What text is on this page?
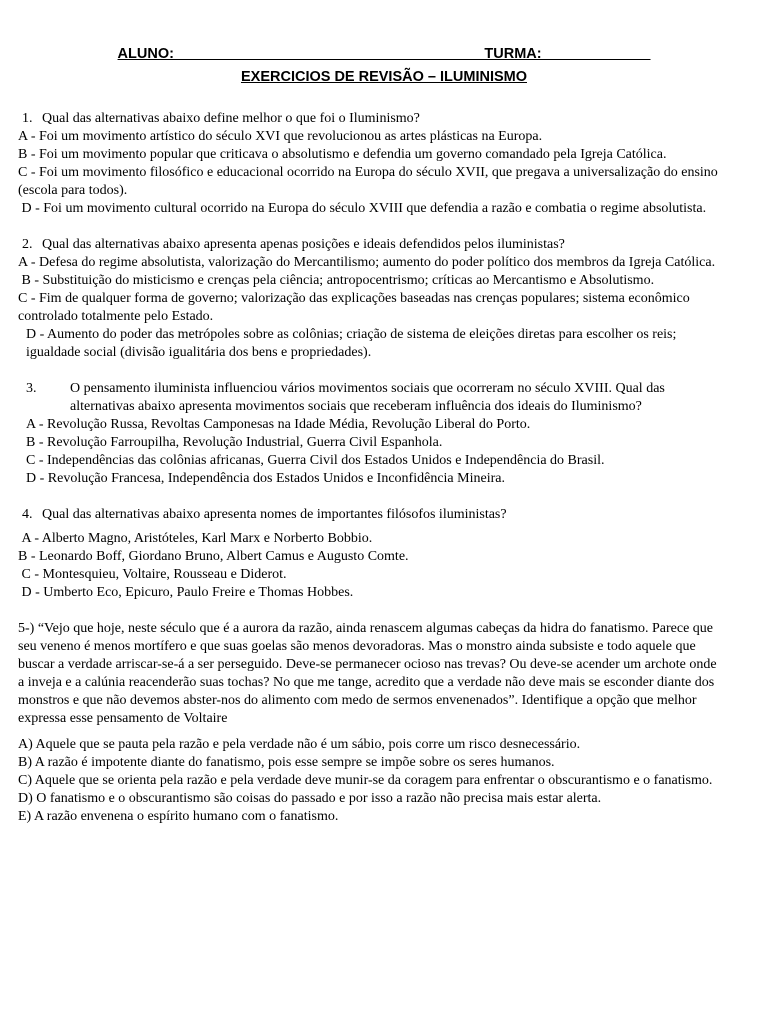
ALUNO: ______________________________________TURMA: _____________
EXERCICIOS DE REVISÃO – ILUMINISMO
1. Qual das alternativas abaixo define melhor o que foi o Iluminismo?
A - Foi um movimento artístico do século XVI que revolucionou as artes plásticas na Europa.
B - Foi um movimento popular que criticava o absolutismo e defendia um governo comandado pela Igreja Católica.
C - Foi um movimento filosófico e educacional ocorrido na Europa do século XVII, que pregava a universalização do ensino (escola para todos).
D - Foi um movimento cultural ocorrido na Europa do século XVIII que defendia a razão e combatia o regime absolutista.
2. Qual das alternativas abaixo apresenta apenas posições e ideais defendidos pelos iluministas?
A - Defesa do regime absolutista, valorização do Mercantilismo; aumento do poder político dos membros da Igreja Católica.
B - Substituição do misticismo e crenças pela ciência; antropocentrismo; críticas ao Mercantismo e Absolutismo.
C - Fim de qualquer forma de governo; valorização das explicações baseadas nas crenças populares; sistema econômico controlado totalmente pelo Estado.
D - Aumento do poder das metrópoles sobre as colônias; criação de sistema de eleições diretas para escolher os reis; igualdade social (divisão igualitária dos bens e propriedades).
3. O pensamento iluminista influenciou vários movimentos sociais que ocorreram no século XVIII. Qual das alternativas abaixo apresenta movimentos sociais que receberam influência dos ideais do Iluminismo?
A - Revolução Russa, Revoltas Camponesas na Idade Média, Revolução Liberal do Porto.
B - Revolução Farroupilha, Revolução Industrial, Guerra Civil Espanhola.
C - Independências das colônias africanas, Guerra Civil dos Estados Unidos e Independência do Brasil.
D - Revolução Francesa, Independência dos Estados Unidos e Inconfidência Mineira.
4. Qual das alternativas abaixo apresenta nomes de importantes filósofos iluministas?
A - Alberto Magno, Aristóteles, Karl Marx e Norberto Bobbio.
B - Leonardo Boff, Giordano Bruno, Albert Camus e Augusto Comte.
C - Montesquieu, Voltaire, Rousseau e Diderot.
D - Umberto Eco, Epicuro, Paulo Freire e Thomas Hobbes.
5-) “Vejo que hoje, neste século que é a aurora da razão, ainda renascem algumas cabeças da hidra do fanatismo. Parece que seu veneno é menos mortífero e que suas goelas são menos devoradoras. Mas o monstro ainda subsiste e todo aquele que buscar a verdade arriscar-se-á a ser perseguido. Deve-se permanecer ocioso nas trevas? Ou deve-se acender um archote onde a inveja e a calúnia reacenderão suas tochas? No que me tange, acredito que a verdade não deve mais se esconder diante dos monstros e que não devemos abster-nos do alimento com medo de sermos envenenados”. Identifique a opção que melhor expressa esse pensamento de Voltaire
A) Aquele que se pauta pela razão e pela verdade não é um sábio, pois corre um risco desnecessário.
B) A razão é impotente diante do fanatismo, pois esse sempre se impõe sobre os seres humanos.
C) Aquele que se orienta pela razão e pela verdade deve munir-se da coragem para enfrentar o obscurantismo e o fanatismo.
D) O fanatismo e o obscurantismo são coisas do passado e por isso a razão não precisa mais estar alerta.
E) A razão envenena o espírito humano com o fanatismo.
